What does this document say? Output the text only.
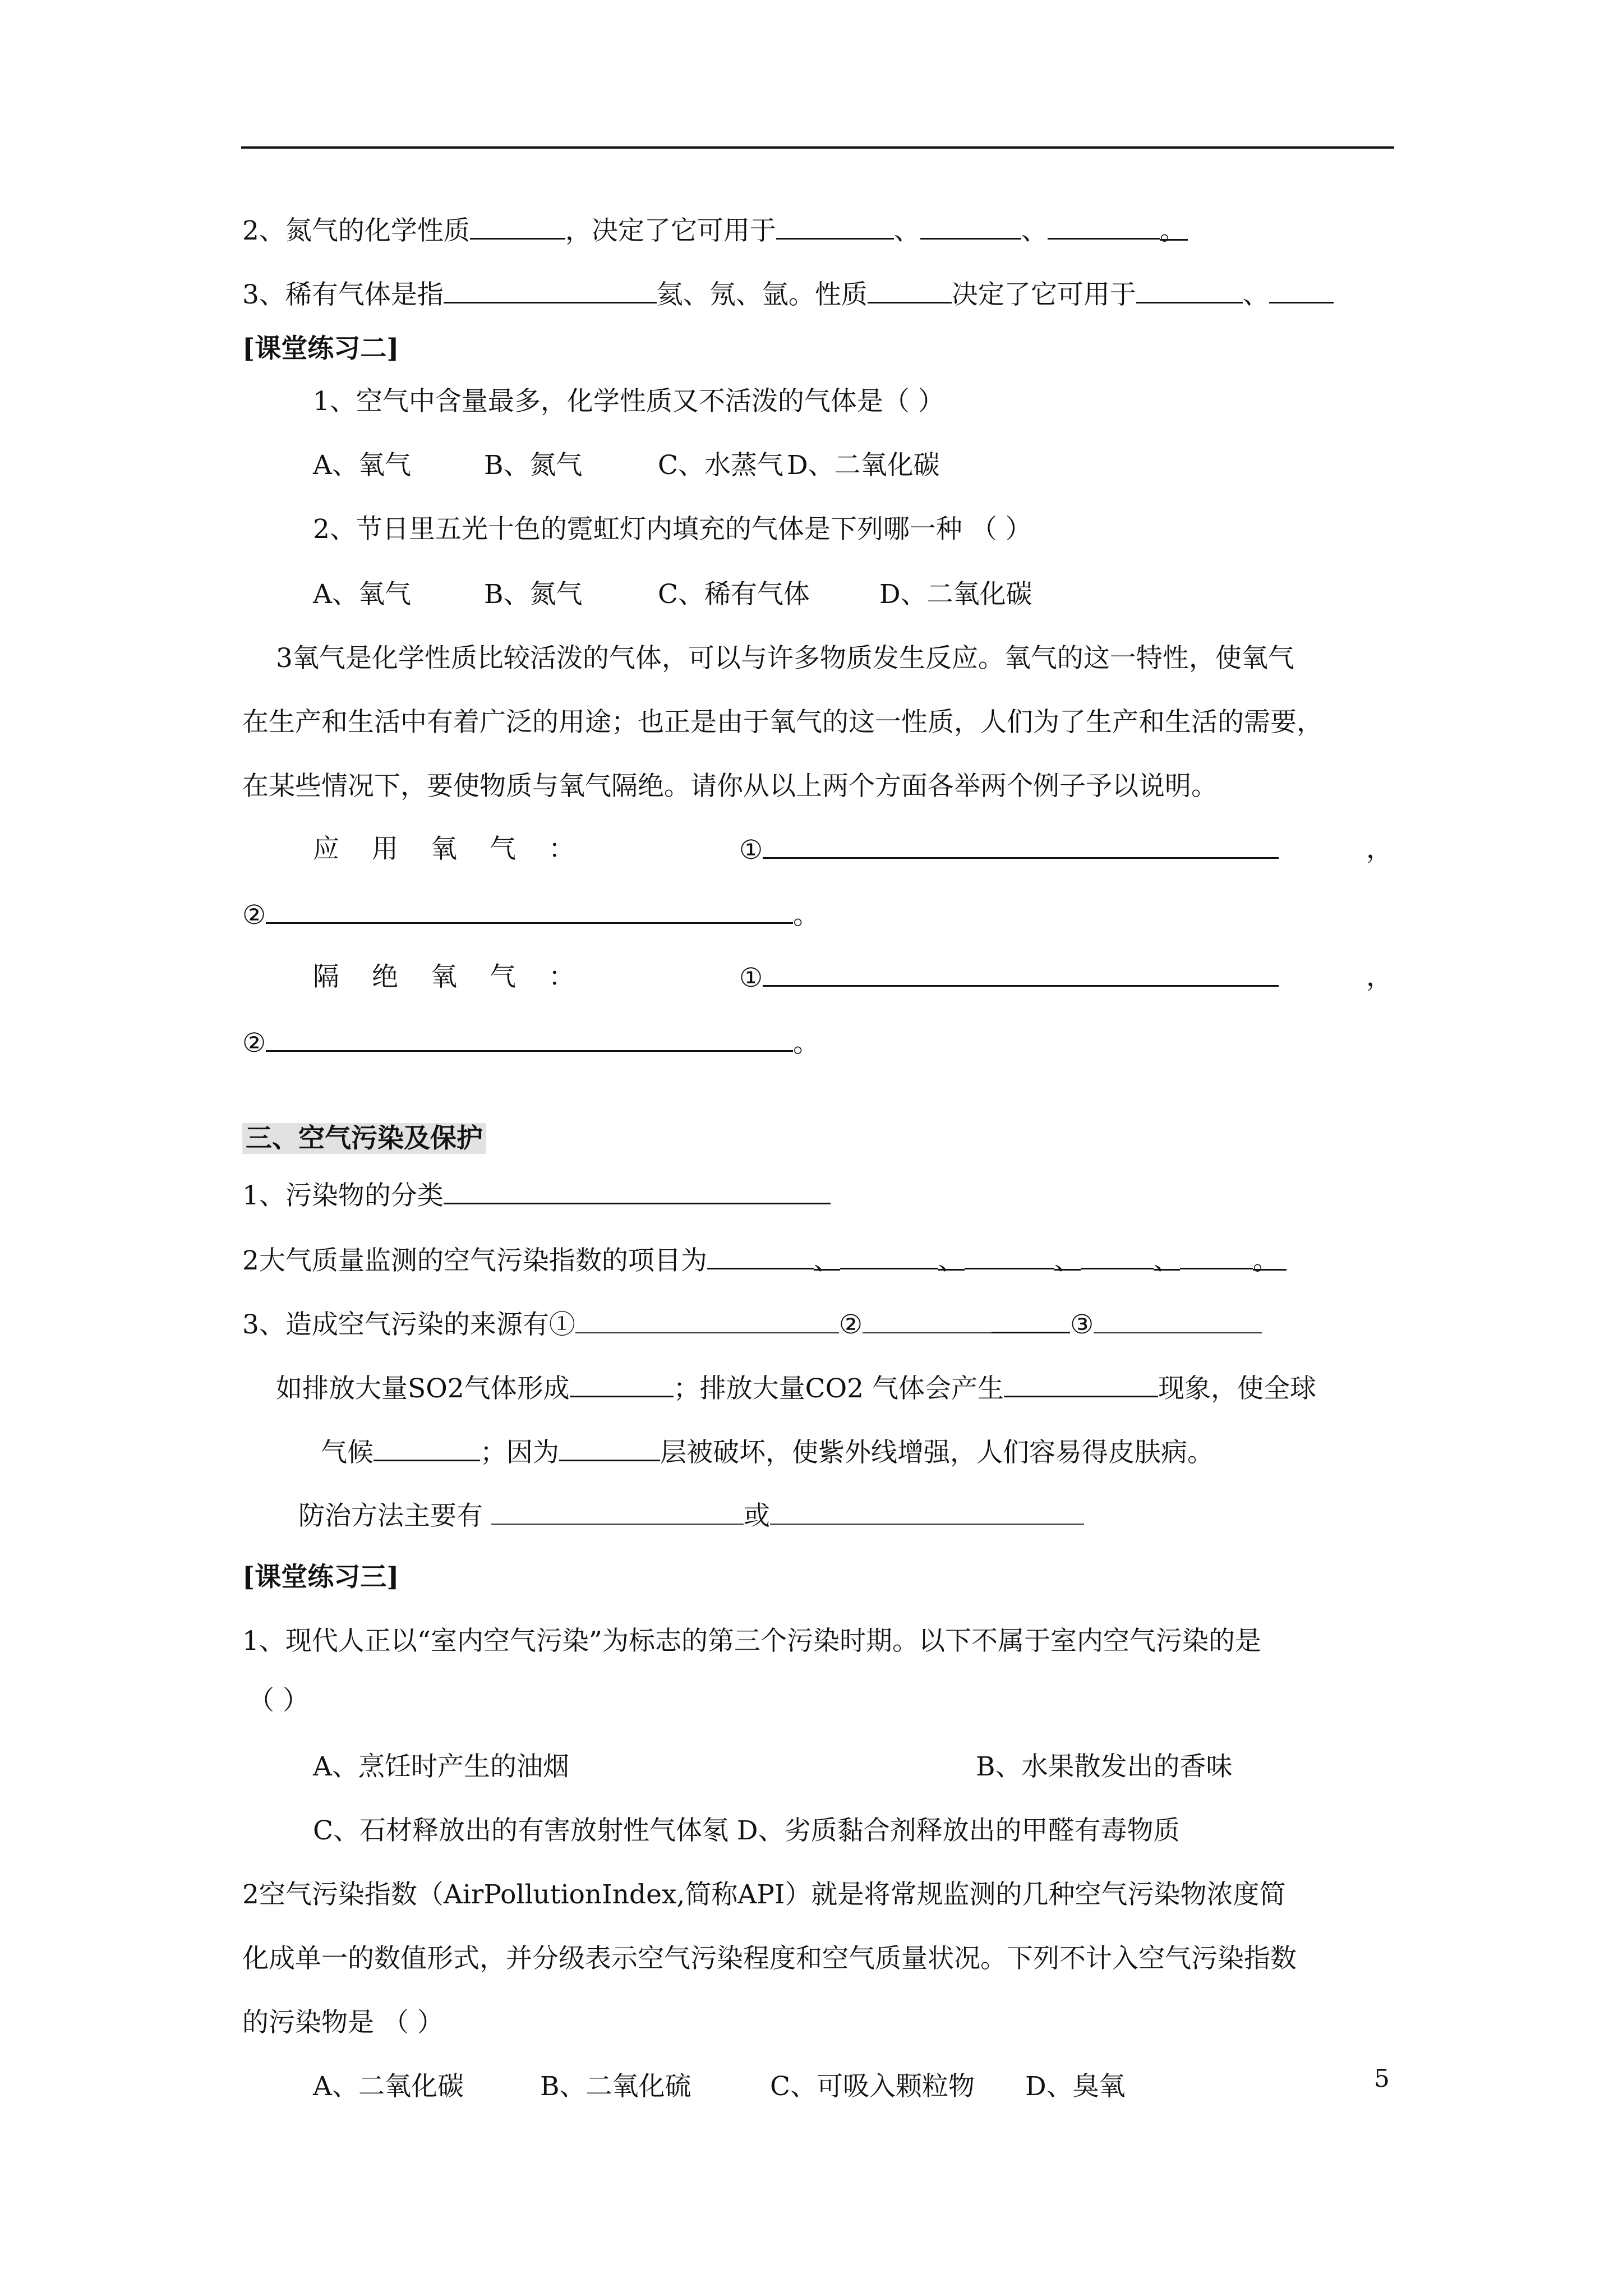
2、氮气的化学性质	，决定了它可用于	、	、	。
3、稀有气体是指	氦、氖、氩。性质	决定了它可用于	、
[课堂练习二]
1、空气中含量最多，化学性质又不活泼的气体是（ ）
A、氧气	B、氮气	C、水蒸气 D、二氧化碳
2、节日里五光十色的霓虹灯内填充的气体是下列哪一种 （ ）
A、氧气	B、氮气	C、稀有气体	D、二氧化碳
3氧气是化学性质比较活泼的气体，可以与许多物质发生反应。氧气的这一特性，使氧气
在生产和生活中有着广泛的用途；也正是由于氧气的这一性质，人们为了生产和生活的需要，
在某些情况下，要使物质与氧气隔绝。请你从以上两个方面各举两个例子予以说明。
应用氧气：	①	，
②	。
隔绝氧气：	①	，
②	。
三、空气污染及保护
1、污染物的分类
2大气质量监测的空气污染指数的项目为	、	、	、	、	。
3、造成空气污染的来源有①	②	③
如排放大量SO2气体形成	；排放大量CO2 气体会产生	现象，使全球
气候	；因为	层被破坏，使紫外线增强，人们容易得皮肤病。
防治方法主要有	或
[课堂练习三]
1、现代人正以“室内空气污染”为标志的第三个污染时期。以下不属于室内空气污染的是
（ ）
A、烹饪时产生的油烟	B、水果散发出的香味
C、石材释放出的有害放射性气体氡 D、劣质黏合剂释放出的甲醛有毒物质
2空气污染指数（AirPollutionIndex,简称API）就是将常规监测的几种空气污染物浓度简
化成单一的数值形式，并分级表示空气污染程度和空气质量状况。下列不计入空气污染指数
的污染物是 （ ）
A、二氧化碳	B、二氧化硫	C、可吸入颗粒物 D、臭氧	5
